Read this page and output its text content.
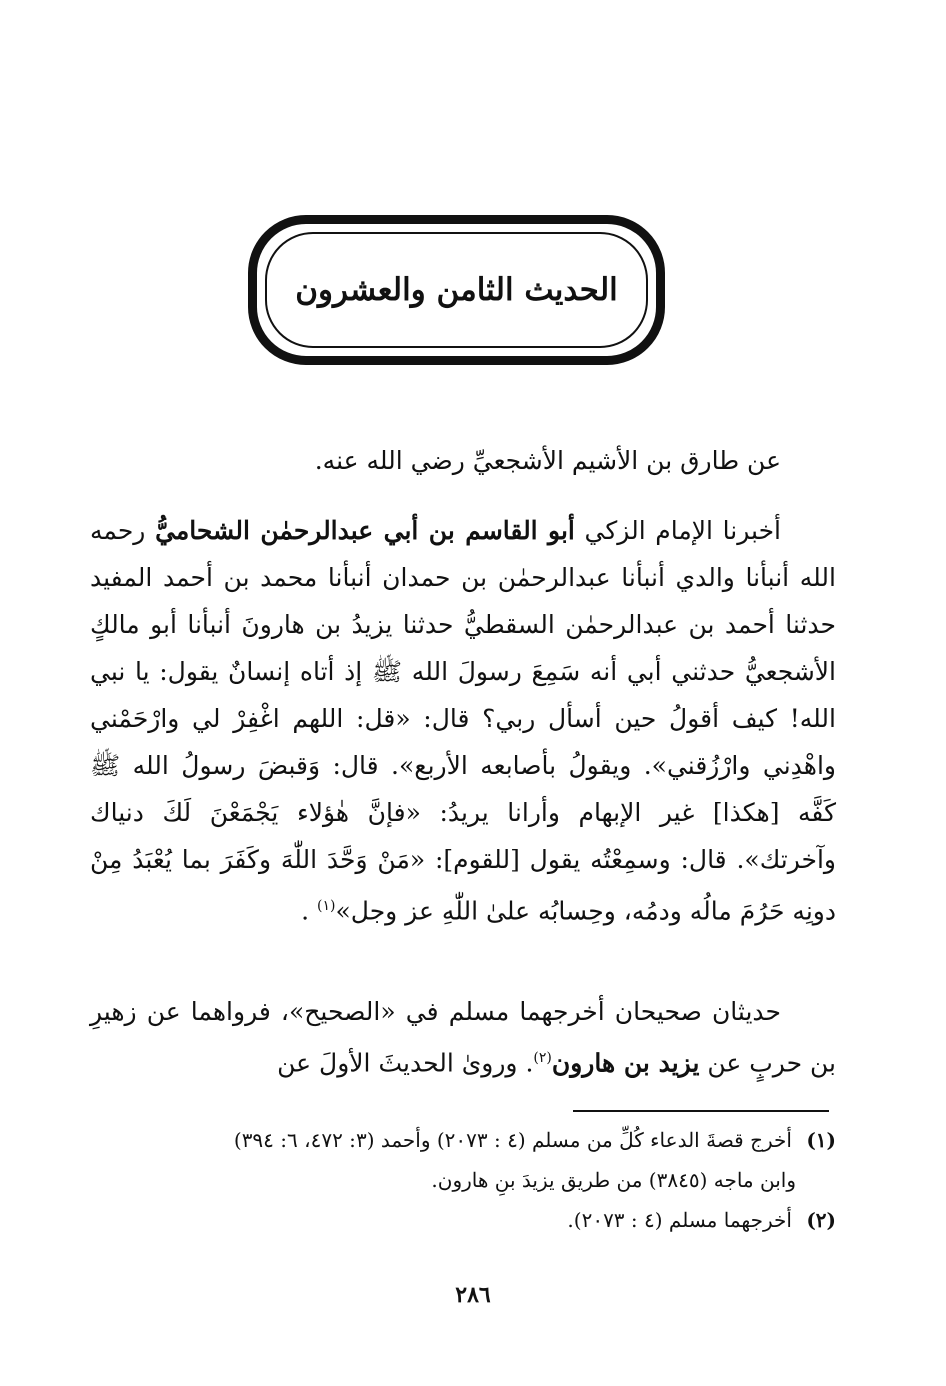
الحديث الثامن والعشرون
عن طارق بن الأشيم الأشجعيِّ رضي الله عنه.

أخبرنا الإمام الزكي أبو القاسم بن أبي عبدالرحمٰن الشحاميُّ رحمه الله أنبأنا والدي أنبأنا عبدالرحمٰن بن حمدان أنبأنا محمد بن أحمد المفيد حدثنا أحمد بن عبدالرحمٰن السقطيُّ حدثنا يزيدُ بن هارونَ أنبأنا أبو مالكٍ الأشجعيُّ حدثني أبي أنه سَمِعَ رسولَ الله ﷺ إذ أتاه إنسانٌ يقول: يا نبي الله! كيف أقولُ حين أسأل ربي؟ قال: «قل: اللهم اغْفِرْ لي وارْحَمْني واهْدِني وارْزُقني». ويقولُ بأصابعه الأربع». قال: وَقبضَ رسولُ الله ﷺ كَفَّه [هكذا] غير الإبهام وأرانا يريدُ: «فإنَّ هٰؤلاء يَجْمَعْنَ لَكَ دنياك وآخرتك». قال: وسمِعْتُه يقول [للقوم]: «مَنْ وَحَّدَ اللّٰهَ وكَفَرَ بما يُعْبَدُ مِنْ دونِه حَرُمَ مالُه ودمُه، وحِسابُه علىٰ اللّٰهِ عز وجل»$^{(١)}$ .

حديثان صحيحان أخرجهما مسلم في «الصحيح»، فرواهما عن زهيرِ بن حربٍ عن يزيد بن هارون$^{(٢)}$. وروىٰ الحديثَ الأولَ عن

(١) أخرج قصةَ الدعاء كُلِّ من مسلم (٤ : ٢٠٧٣) وأحمد (٣: ٤٧٢، ٦: ٣٩٤)
وابن ماجه (٣٨٤٥) من طريق يزيدَ بنِ هارون.
(٢) أخرجهما مسلم (٤ : ٢٠٧٣).
٢٨٦
